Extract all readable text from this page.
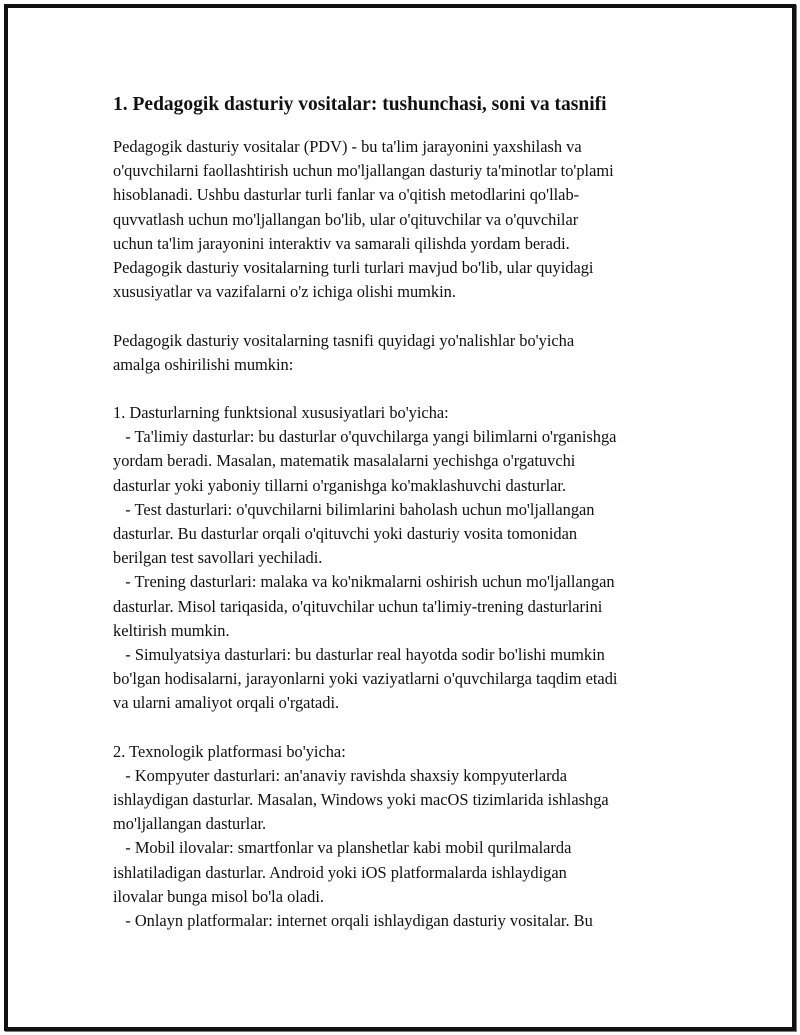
1. Pedagogik dasturiy vositalar: tushunchasi, soni va tasnifi

Pedagogik dasturiy vositalar (PDV) - bu ta'lim jarayonini yaxshilash va

o'quvchilarni faollashtirish uchun mo'ljallangan dasturiy ta'minotlar to'plami

hisoblanadi. Ushbu dasturlar turli fanlar va o'qitish metodlarini qo'llab-

quvvatlash uchun mo'ljallangan bo'lib, ular o'qituvchilar va o'quvchilar

uchun ta'lim jarayonini interaktiv va samarali qilishda yordam beradi.

Pedagogik dasturiy vositalarning turli turlari mavjud bo'lib, ular quyidagi

xususiyatlar va vazifalarni o'z ichiga olishi mumkin.

Pedagogik dasturiy vositalarning tasnifi quyidagi yo'nalishlar bo'yicha

amalga oshirilishi mumkin:

1. Dasturlarning funktsional xususiyatlari bo'yicha:

- Ta'limiy dasturlar: bu dasturlar o'quvchilarga yangi bilimlarni o'rganishga

yordam beradi. Masalan, matematik masalalarni yechishga o'rgatuvchi

dasturlar yoki yaboniy tillarni o'rganishga ko'maklashuvchi dasturlar.

- Test dasturlari: o'quvchilarni bilimlarini baholash uchun mo'ljallangan

dasturlar. Bu dasturlar orqali o'qituvchi yoki dasturiy vosita tomonidan

berilgan test savollari yechiladi.

- Trening dasturlari: malaka va ko'nikmalarni oshirish uchun mo'ljallangan

dasturlar. Misol tariqasida, o'qituvchilar uchun ta'limiy-trening dasturlarini

keltirish mumkin.

- Simulyatsiya dasturlari: bu dasturlar real hayotda sodir bo'lishi mumkin

bo'lgan hodisalarni, jarayonlarni yoki vaziyatlarni o'quvchilarga taqdim etadi

va ularni amaliyot orqali o'rgatadi.

2. Texnologik platformasi bo'yicha:

- Kompyuter dasturlari: an'anaviy ravishda shaxsiy kompyuterlarda

ishlaydigan dasturlar. Masalan, Windows yoki macOS tizimlarida ishlashga

mo'ljallangan dasturlar.

- Mobil ilovalar: smartfonlar va planshetlar kabi mobil qurilmalarda

ishlatiladigan dasturlar. Android yoki iOS platformalarda ishlaydigan

ilovalar bunga misol bo'la oladi.

- Onlayn platformalar: internet orqali ishlaydigan dasturiy vositalar. Bu
